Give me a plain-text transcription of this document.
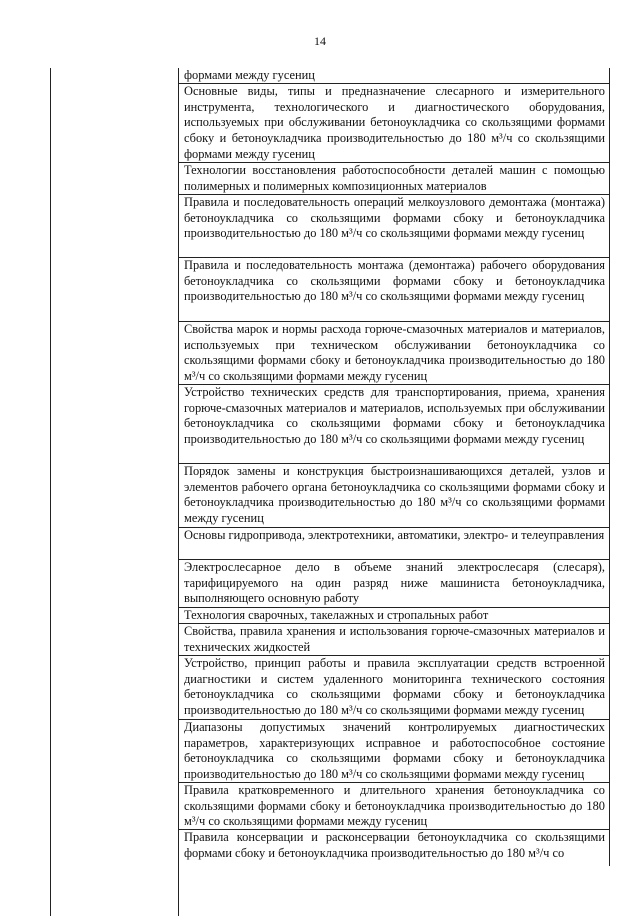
14
формами между гусениц
Основные виды, типы и предназначение слесарного и измерительного инструмента, технологического и диагностического оборудования, используемых при обслуживании бетоноукладчика со скользящими формами сбоку и бетоноукладчика производительностью до 180 м³/ч со скользящими формами между гусениц
Технологии восстановления работоспособности деталей машин с помощью полимерных и полимерных композиционных материалов
Правила и последовательность операций мелкоузлового демонтажа (монтажа) бетоноукладчика со скользящими формами сбоку и бетоноукладчика производительностью до 180 м³/ч со скользящими формами между гусениц
Правила и последовательность монтажа (демонтажа) рабочего оборудования бетоноукладчика со скользящими формами сбоку и бетоноукладчика производительностью до 180 м³/ч со скользящими формами между гусениц
Свойства марок и нормы расхода горюче-смазочных материалов и материалов, используемых при техническом обслуживании бетоноукладчика со скользящими формами сбоку и бетоноукладчика производительностью до 180 м³/ч со скользящими формами между гусениц
Устройство технических средств для транспортирования, приема, хранения горюче-смазочных материалов и материалов, используемых при обслуживании бетоноукладчика со скользящими формами сбоку и бетоноукладчика производительностью до 180 м³/ч со скользящими формами между гусениц
Порядок замены и конструкция быстроизнашивающихся деталей, узлов и элементов рабочего органа бетоноукладчика со скользящими формами сбоку и бетоноукладчика производительностью до 180 м³/ч со скользящими формами между гусениц
Основы гидропривода, электротехники, автоматики, электро- и телеуправления
Электрослесарное дело в объеме знаний электрослесаря (слесаря), тарифицируемого на один разряд ниже машиниста бетоноукладчика, выполняющего основную работу
Технология сварочных, такелажных и стропальных работ
Свойства, правила хранения и использования горюче-смазочных материалов и технических жидкостей
Устройство, принцип работы и правила эксплуатации средств встроенной диагностики и систем удаленного мониторинга технического состояния бетоноукладчика со скользящими формами сбоку и бетоноукладчика производительностью до 180 м³/ч со скользящими формами между гусениц
Диапазоны допустимых значений контролируемых диагностических параметров, характеризующих исправное и работоспособное состояние бетоноукладчика со скользящими формами сбоку и бетоноукладчика производительностью до 180 м³/ч со скользящими формами между гусениц
Правила кратковременного и длительного хранения бетоноукладчика со скользящими формами сбоку и бетоноукладчика производительностью до 180 м³/ч со скользящими формами между гусениц
Правила консервации и расконсервации бетоноукладчика со скользящими формами сбоку и бетоноукладчика производительностью до 180 м³/ч со
